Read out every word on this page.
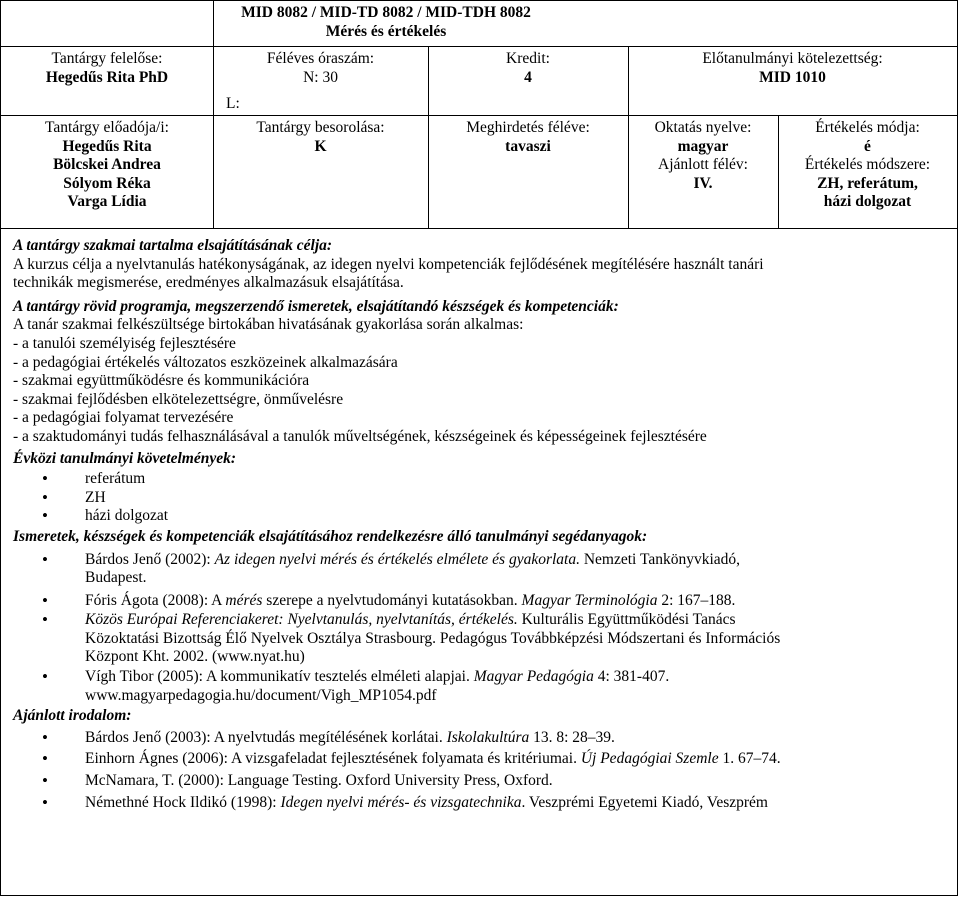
MID 8082 / MID-TD 8082 / MID-TDH 8082
Mérés és értékelés
Tantárgy felelőse:
Hegedűs Rita PhD
Féléves óraszám:
N: 30
L:
Kredit:
4
Előtanulmányi kötelezettség:
MID 1010
Tantárgy előadója/i:
Hegedűs Rita
Bölcskei Andrea
Sólyom Réka
Varga Lídia
Tantárgy besorolása:
K
Meghirdetés féléve:
tavaszi
Oktatás nyelve:
magyar
Ajánlott félév:
IV.
Értékelés módja:
é
Értékelés módszere:
ZH, referátum,
házi dolgozat

A tantárgy szakmai tartalma elsajátításának célja:

A kurzus célja a nyelvtanulás hatékonyságának, az idegen nyelvi kompetenciák fejlődésének megítélésére használt tanári

technikák megismerése, eredményes alkalmazásuk elsajátítása.

A tantárgy rövid programja, megszerzendő ismeretek, elsajátítandó készségek és kompetenciák:

A tanár szakmai felkészültsége birtokában hivatásának gyakorlása során alkalmas:

- a tanulói személyiség fejlesztésére

- a pedagógiai értékelés változatos eszközeinek alkalmazására

- szakmai együttműködésre és kommunikációra

- szakmai fejlődésben elkötelezettségre, önművelésre

- a pedagógiai folyamat tervezésére

- a szaktudományi tudás felhasználásával a tanulók műveltségének, készségeinek és képességeinek fejlesztésére

Évközi tanulmányi követelmények:

• referátum
• ZH
• házi dolgozat

Ismeretek, készségek és kompetenciák elsajátításához rendelkezésre álló tanulmányi segédanyagok:

• Bárdos Jenő (2002): Az idegen nyelvi mérés és értékelés elmélete és gyakorlata. Nemzeti Tankönyvkiadó,
Budapest.
• Fóris Ágota (2008): A mérés szerepe a nyelvtudományi kutatásokban. Magyar Terminológia 2: 167–188.
• Közös Európai Referenciakeret: Nyelvtanulás, nyelvtanítás, értékelés. Kulturális Együttműködési Tanács
Közoktatási Bizottság Élő Nyelvek Osztálya Strasbourg. Pedagógus Továbbképzési Módszertani és Információs
Központ Kht. 2002. (www.nyat.hu)
• Vígh Tibor (2005): A kommunikatív tesztelés elméleti alapjai. Magyar Pedagógia 4: 381-407.
www.magyarpedagogia.hu/document/Vigh_MP1054.pdf

Ajánlott irodalom:

• Bárdos Jenő (2003): A nyelvtudás megítélésének korlátai. Iskolakultúra 13. 8: 28–39.
• Einhorn Ágnes (2006): A vizsgafeladat fejlesztésének folyamata és kritériumai. Új Pedagógiai Szemle 1. 67–74.
• McNamara, T. (2000): Language Testing. Oxford University Press, Oxford.
• Némethné Hock Ildikó (1998): Idegen nyelvi mérés- és vizsgatechnika. Veszprémi Egyetemi Kiadó, Veszprém
